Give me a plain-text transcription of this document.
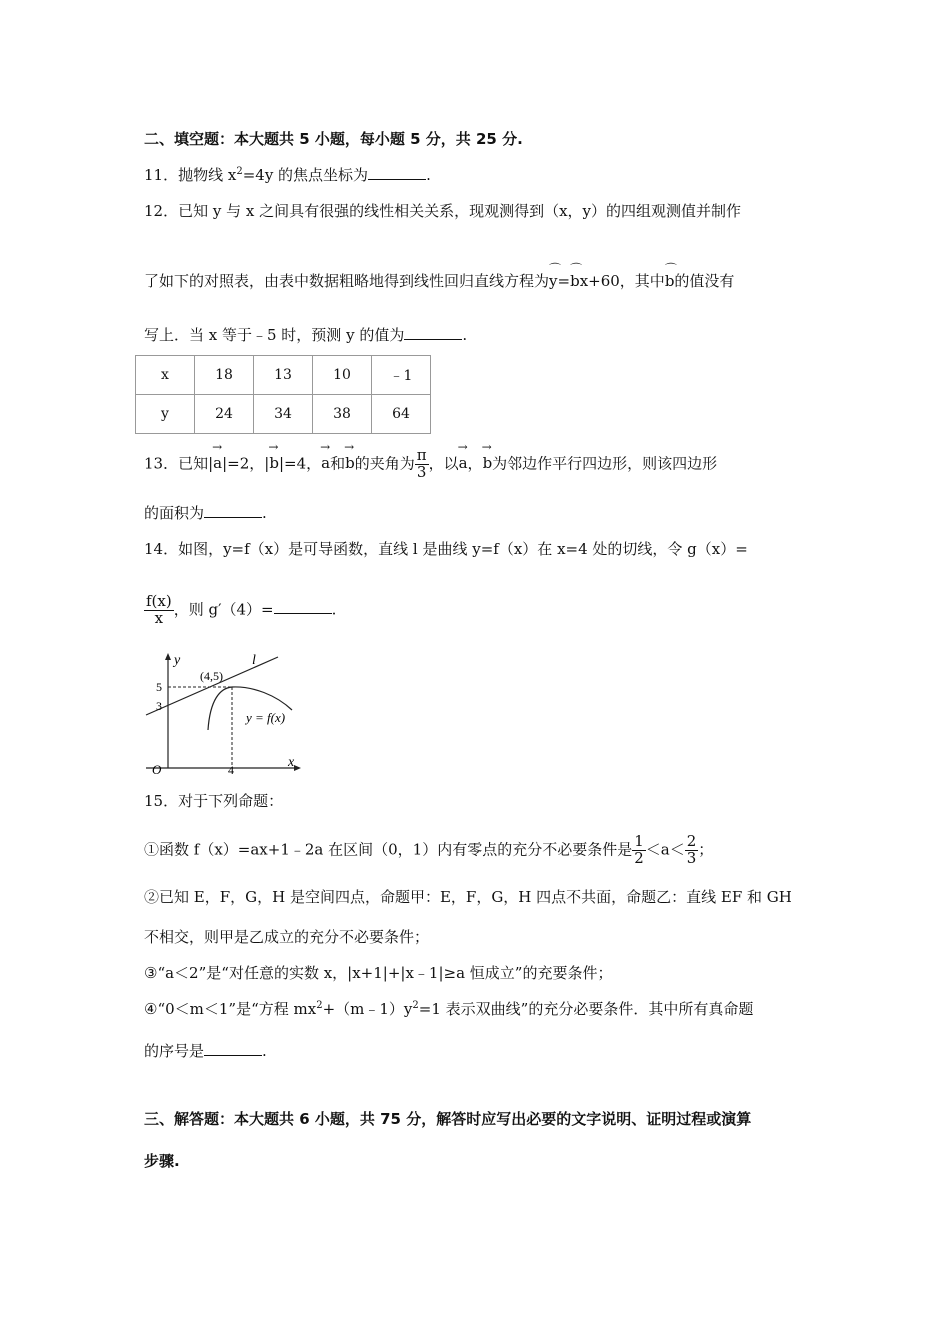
二、填空题：本大题共 5 小题，每小题 5 分，共 25 分.
11．抛物线 $x^2=4y$ 的焦点坐标为	.
12．已知 y 与 x 之间具有很强的线性相关关系，现观测得到（x，y）的四组观测值并制作
了如下的对照表，由表中数据粗略地得到线性回归直线方程为⌒ y=⌒ bx+60，其中⌒ b的值没有
写上．当 x 等于﹣5 时，预测 y 的值为	.
x	18	13	10	﹣1
y	24	34	38	64
13．已知|→ a|=2，|→ b|=4，→ a和→ b的夹角为 $\frac{\pi}{3}$ ，以→ a，→ b为邻边作平行四边形，则该四边形
的面积为	.
14．如图，y=f（x）是可导函数，直线 l 是曲线 y=f（x）在 x=4 处的切线，令 g（x）=
$\frac{f(x)}{x}$ ，则 g′（4）=	.
y
x
O
l
(4,5)
5
3
4
y = f(x)
15．对于下列命题：
①函数 f（x）=ax+1﹣2a 在区间（0，1）内有零点的充分不必要条件是 $\frac{1}{2} <a< \frac{2}{3}$ ；
②已知 E，F，G，H 是空间四点，命题甲：E，F，G，H 四点不共面，命题乙：直线 EF 和 GH
不相交，则甲是乙成立的充分不必要条件；
③“a＜2”是“对任意的实数 x，|x+1|+|x﹣1|≥a 恒成立”的充要条件；
④“0＜m＜1”是“方程 $mx^2+(m﹣1)y^2=1$ 表示双曲线”的充分必要条件．其中所有真命题
的序号是	.
三、解答题：本大题共 6 小题，共 75 分，解答时应写出必要的文字说明、证明过程或演算
步骤.
